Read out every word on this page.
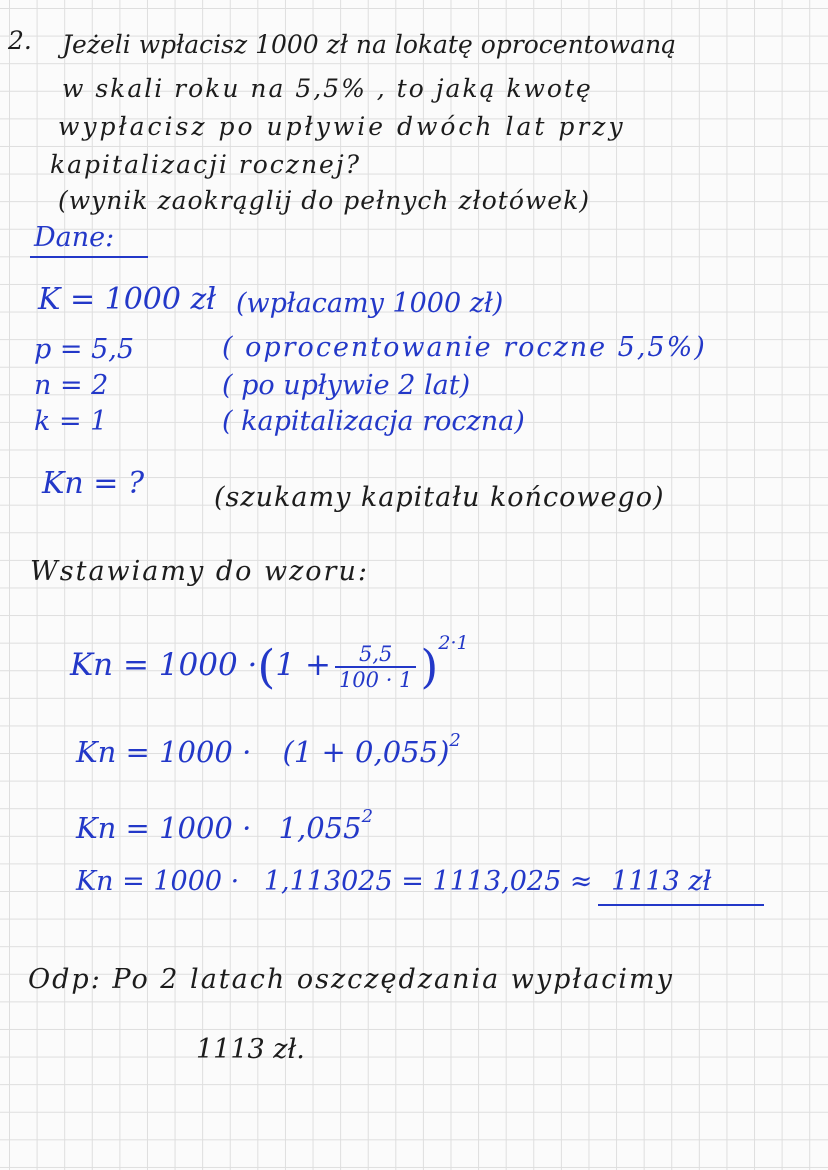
2. Jeżeli wpłacisz 1000 zł na lokatę oprocentowaną
w skali roku na 5,5% , to jaką kwotę
wypłacisz po upływie dwóch lat przy
kapitalizacji rocznej?
(wynik zaokrąglij do pełnych złotówek)
Dane:
K = 1000 zł (wpłacamy 1000 zł)
p = 5,5	( oprocentowanie roczne 5,5%)
n = 2	( po upływie 2 lat)
k = 1	( kapitalizacja roczna)
Kn = ?	(szukamy kapitału końcowego)
Wstawiamy do wzoru:
$Kn = 1000 \cdot(1 + \frac{5,5}{100 \cdot 1} )^{2\cdot 1}$
$Kn = 1000 \cdot (1 + 0,055)^2$
$Kn = 1000 \cdot 1,055^2$
Kn = 1000 · 1,113025 = 1113,025 ≈ 1113 zł
Odp: Po 2 latach oszczędzania wypłacimy
1113 zł.
